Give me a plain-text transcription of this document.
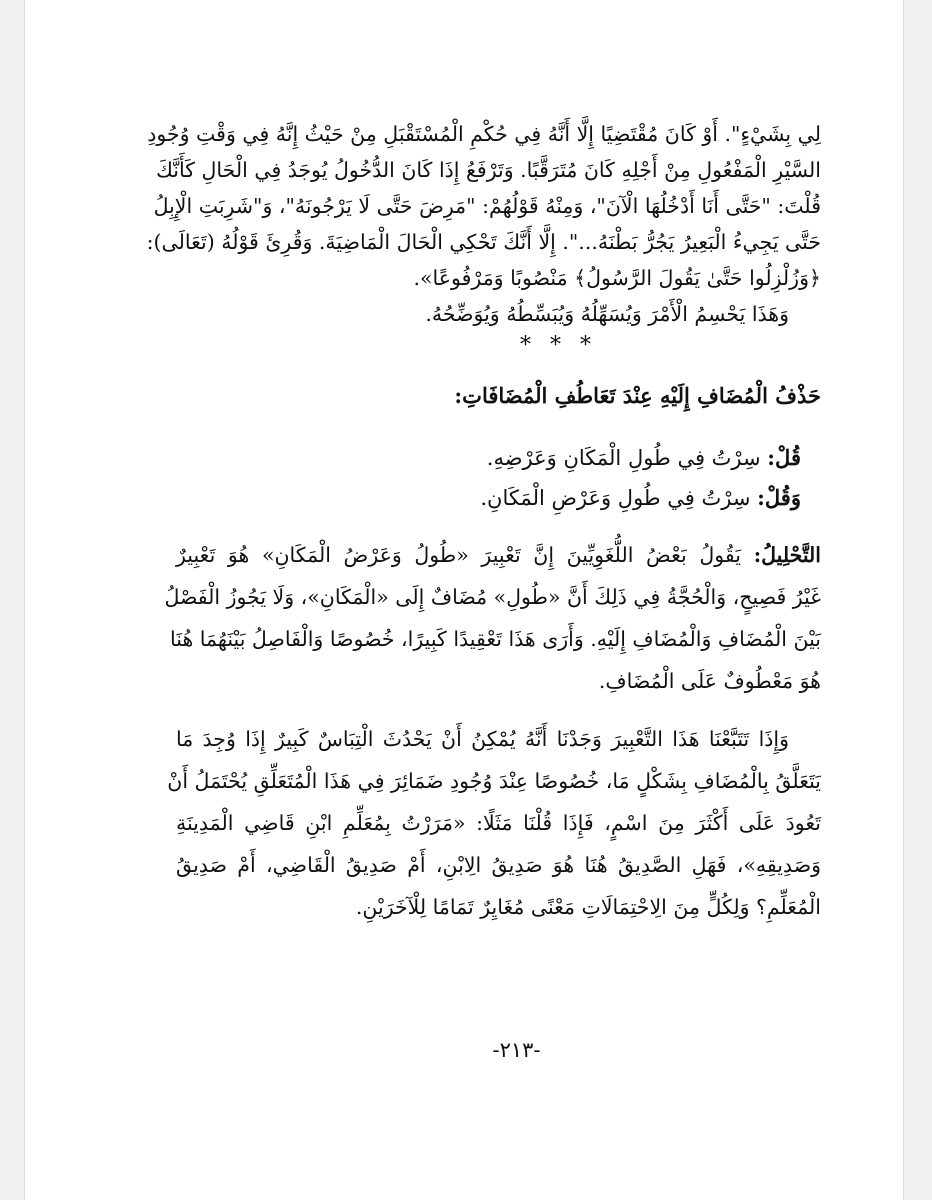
لِي بِشَيْءٍ". أَوْ كَانَ مُقْتَضِيًا إِلَّا أَنَّهُ فِي حُكْمِ الْمُسْتَقْبَلِ مِنْ حَيْثُ إِنَّهُ فِي وَقْتِ وُجُودِ
السَّيْرِ الْمَفْعُولِ مِنْ أَجْلِهِ كَانَ مُتَرَقَّبًا. وَتَرْفَعُ إِذَا كَانَ الدُّخُولُ يُوجَدُ فِي الْحَالِ كَأَنَّكَ
قُلْتَ: "حَتَّى أَنَا أَدْخُلُهَا الْآنَ"، وَمِنْهُ قَوْلُهُمْ: "مَرِضَ حَتَّى لَا يَرْجُونَهُ"، وَ"شَرِبَتِ الْإِبِلُ
حَتَّى يَجِيءُ الْبَعِيرُ يَجُرُّ بَطْنَهُ...". إِلَّا أَنَّكَ تَحْكِي الْحَالَ الْمَاضِيَةَ. وَقُرِئَ قَوْلُهُ (تَعَالَى):
﴿وَزُلْزِلُوا حَتَّىٰ يَقُولَ الرَّسُولُ﴾ مَنْصُوبًا وَمَرْفُوعًا».
وَهَذَا يَحْسِمُ الْأَمْرَ وَيُسَهِّلُهُ وَيُبَسِّطُهُ وَيُوَضِّحُهُ.
* * *
حَذْفُ الْمُضَافِ إِلَيْهِ عِنْدَ تَعَاطُفِ الْمُضَافَاتِ:
قُلْ: سِرْتُ فِي طُولِ الْمَكَانِ وَعَرْضِهِ.
وَقُلْ: سِرْتُ فِي طُولِ وَعَرْضِ الْمَكَانِ.
التَّحْلِيلُ: يَقُولُ بَعْضُ اللُّغَوِيِّينَ إِنَّ تَعْبِيرَ «طُولُ وَعَرْضُ الْمَكَانِ» هُوَ تَعْبِيرٌ
غَيْرُ فَصِيحٍ، وَالْحُجَّةُ فِي ذَلِكَ أَنَّ «طُولِ» مُضَافٌ إِلَى «الْمَكَانِ»، وَلَا يَجُوزُ الْفَصْلُ
بَيْنَ الْمُضَافِ وَالْمُضَافِ إِلَيْهِ. وَأَرَى هَذَا تَعْقِيدًا كَبِيرًا، خُصُوصًا وَالْفَاصِلُ بَيْنَهُمَا هُنَا
هُوَ مَعْطُوفٌ عَلَى الْمُضَافِ.
وَإِذَا تَتَبَّعْنَا هَذَا التَّعْبِيرَ وَجَدْنَا أَنَّهُ يُمْكِنُ أَنْ يَحْدُثَ الْتِبَاسٌ كَبِيرٌ إِذَا وُجِدَ مَا
يَتَعَلَّقُ بِالْمُضَافِ بِشَكْلٍ مَا، خُصُوصًا عِنْدَ وُجُودِ ضَمَائِرَ فِي هَذَا الْمُتَعَلِّقِ يُحْتَمَلُ أَنْ
تَعُودَ عَلَى أَكْثَرَ مِنَ اسْمٍ، فَإِذَا قُلْنَا مَثَلًا: «مَرَرْتُ بِمُعَلِّمِ ابْنِ قَاضِي الْمَدِينَةِ
وَصَدِيقِهِ»، فَهَلِ الصَّدِيقُ هُنَا هُوَ صَدِيقُ الِابْنِ، أَمْ صَدِيقُ الْقَاضِي، أَمْ صَدِيقُ
الْمُعَلِّمِ؟ وَلِكُلٍّ مِنَ الِاحْتِمَالَاتِ مَعْنًى مُغَايِرٌ تَمَامًا لِلْآخَرَيْنِ.
-٢١٣-
